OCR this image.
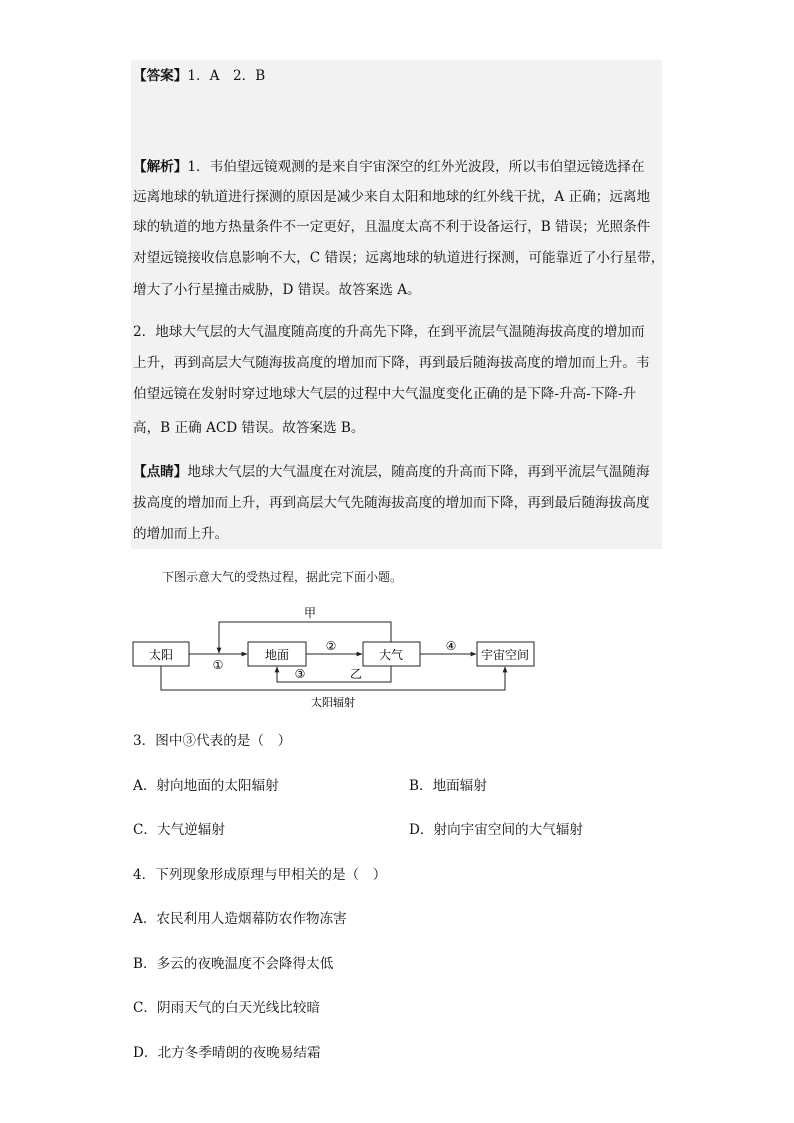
【答案】1．A　2．B
【解析】1．韦伯望远镜观测的是来自宇宙深空的红外光波段，所以韦伯望远镜选择在
远离地球的轨道进行探测的原因是减少来自太阳和地球的红外线干扰，A 正确；远离地
球的轨道的地方热量条件不一定更好，且温度太高不利于设备运行，B 错误；光照条件
对望远镜接收信息影响不大，C 错误；远离地球的轨道进行探测，可能靠近了小行星带，
增大了小行星撞击威胁，D 错误。故答案选 A。
2．地球大气层的大气温度随高度的升高先下降，在到平流层气温随海拔高度的增加而
上升，再到高层大气随海拔高度的增加而下降，再到最后随海拔高度的增加而上升。韦
伯望远镜在发射时穿过地球大气层的过程中大气温度变化正确的是下降-升高-下降-升
高，B 正确 ACD 错误。故答案选 B。
【点睛】地球大气层的大气温度在对流层，随高度的升高而下降，再到平流层气温随海
拔高度的增加而上升，再到高层大气先随海拔高度的增加而下降，再到最后随海拔高度
的增加而上升。
下图示意大气的受热过程，据此完下面小题。
太阳	地面	大气	宇宙空间
①
②	④
甲
③	乙
太阳辐射
3．图中③代表的是（　）
A．射向地面的太阳辐射	B．地面辐射
C．大气逆辐射	D．射向宇宙空间的大气辐射
4．下列现象形成原理与甲相关的是（　）
A．农民利用人造烟幕防农作物冻害
B．多云的夜晚温度不会降得太低
C．阴雨天气的白天光线比较暗
D．北方冬季晴朗的夜晚易结霜
